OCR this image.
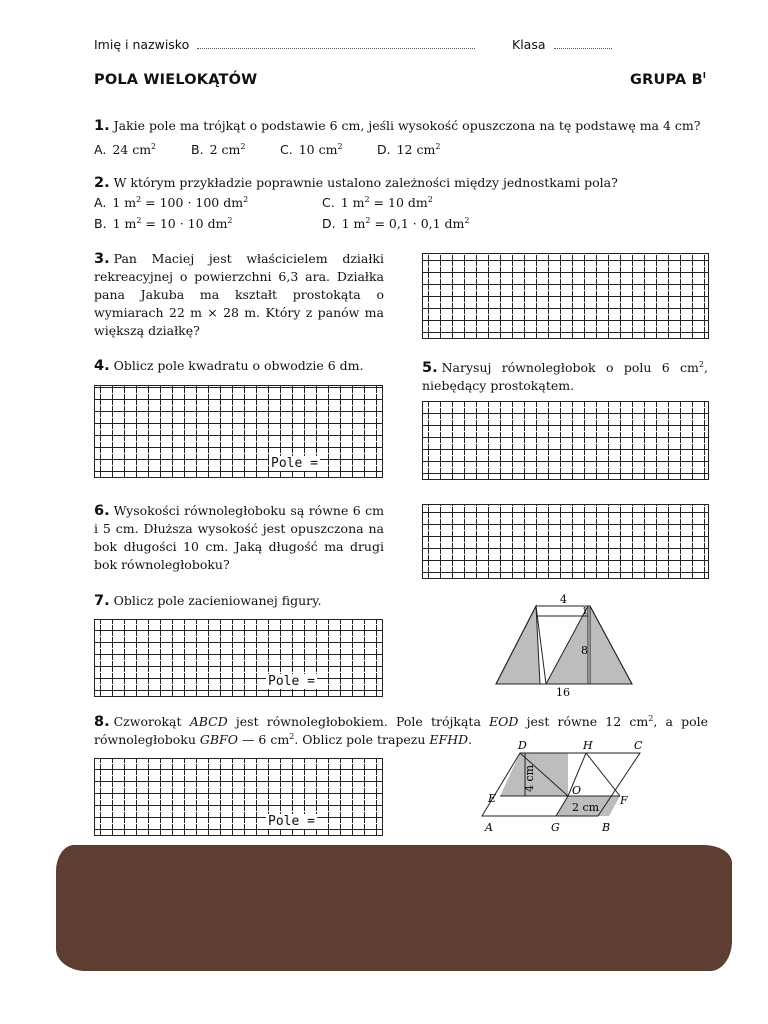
Imię i nazwisko	Klasa
POLA WIELOKĄTÓW	GRUPA $B^I$
1. Jakie pole ma trójkąt o podstawie 6 cm, jeśli wysokość opuszczona na tę podstawę ma 4 cm?
A. 24 $cm^2$	B. 2 $cm^2$	C. 10 $cm^2$	D. 12 $cm^2$
2. W którym przykładzie poprawnie ustalono zależności między jednostkami pola?
A. 1 $m^2 = 100 \cdot 100$ $dm^2$	C. 1 $m^2 = 10$ $dm^2$
B. 1 $m^2 = 10 \cdot 10$ $dm^2$	D. 1 $m^2 = 0,1 \cdot 0,1$ $dm^2$
3. Pan Maciej jest właścicielem działki rekreacyjnej o powierzchni 6,3 ara. Działka pana Jakuba ma kształt prostokąta o wymiarach 22 m × 28 m. Który z panów ma większą działkę?
4. Oblicz pole kwadratu o obwodzie 6 dm.
Pole =
5. Narysuj równoległobok o polu 6 $cm^2$, niebędący prostokątem.
6. Wysokości równoległoboku są równe 6 cm i 5 cm. Dłuższa wysokość jest opuszczona na bok długości 10 cm. Jaką długość ma drugi bok równoległoboku?
7. Oblicz pole zacieniowanej figury.
Pole =
4
1
8
16
8. Czworokąt ABCD jest równoległobokiem. Pole trójkąta EOD jest równe 12 $cm^2$, a pole równoległoboku GBFO — 6 $cm^2$. Oblicz pole trapezu EFHD.
Pole =
D	H	C
E
O
F
A	G	B
4 cm
2 cm
